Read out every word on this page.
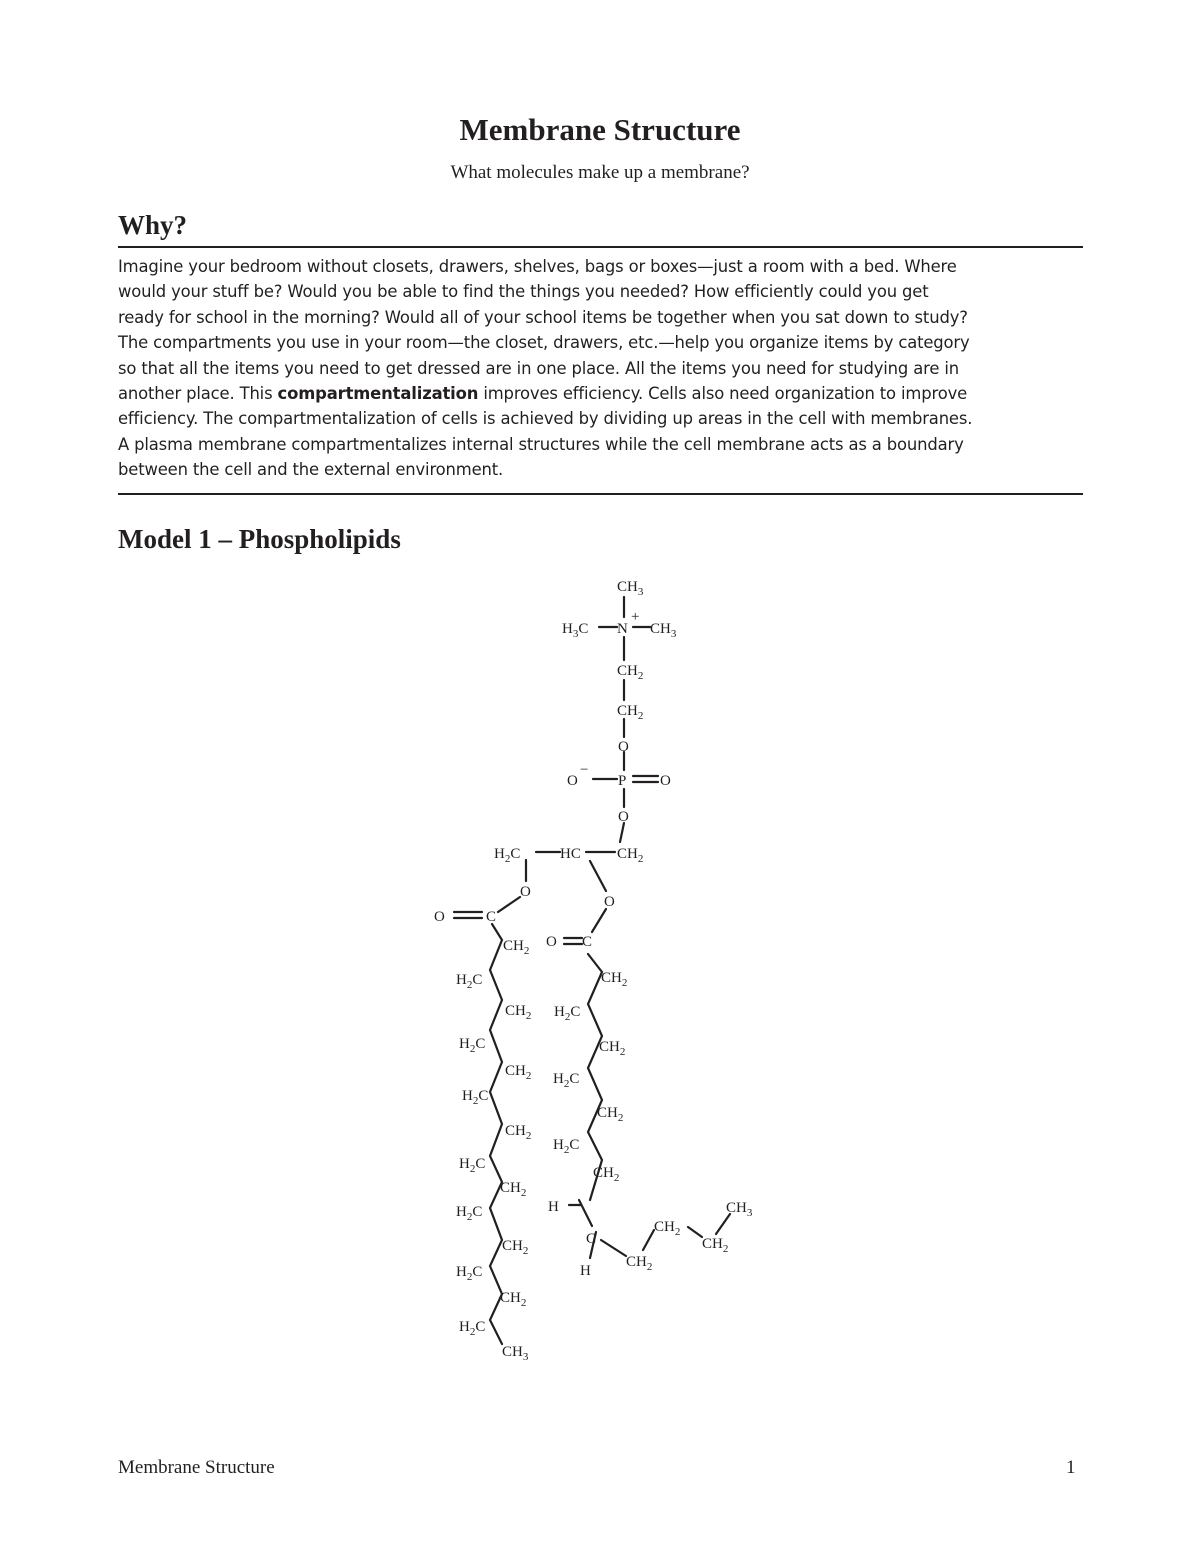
Membrane Structure

What molecules make up a membrane?

Why?

Imagine your bedroom without closets, drawers, shelves, bags or boxes—just a room with a bed. Where
would your stuff be? Would you be able to find the things you needed? How efficiently could you get
ready for school in the morning? Would all of your school items be together when you sat down to study?
The compartments you use in your room—the closet, drawers, etc.—help you organize items by category
so that all the items you need to get dressed are in one place. All the items you need for studying are in
another place. This compartmentalization improves efficiency. Cells also need organization to improve
efficiency. The compartmentalization of cells is achieved by dividing up areas in the cell with membranes.
A plasma membrane compartmentalizes internal structures while the cell membrane acts as a boundary
between the cell and the external environment.

Model 1 – Phospholipids
$CH_3$
$H_3C$ N
+
$CH_3$
$CH_2$
$CH_2$
O
O
−
P O
O
$H_2C$	HC $CH_2$
O
O
O	C
O C
$CH_2$
$H_2C$
$CH_2$
$H_2C$
$CH_2$
$H_2C$
$CH_2$
$H_2C$
$CH_2$
$H_2C$
$CH_2$
$H_2C$
$CH_2$
$H_2C$
$CH_3$
$CH_2$
$H_2C$
$CH_2$
$H_2C$
$CH_2$
$H_2C$
$CH_2$
H
C
H
$CH_2$
$CH_2$
$CH_2$
$CH_3$

Membrane Structure	1
